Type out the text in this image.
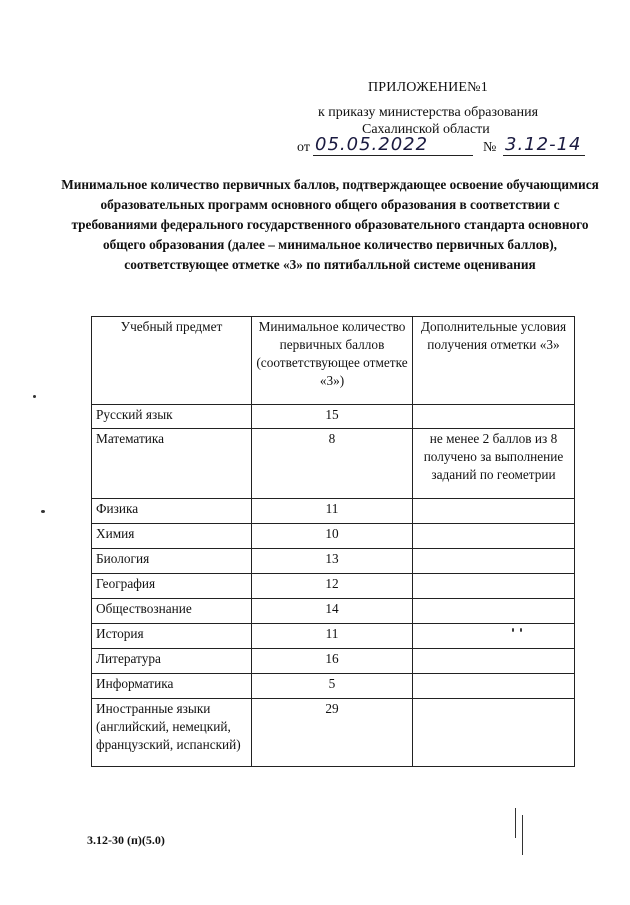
ПРИЛОЖЕНИЕ№1
к приказу министерства образования
Сахалинской области
от 05.05.2022	№ 3.12-14
Минимальное количество первичных баллов, подтверждающее освоение обучающимися образовательных программ основного общего образования в соответствии с требованиями федерального государственного образовательного стандарта основного общего образования (далее – минимальное количество первичных баллов), соответствующее отметке «3» по пятибалльной системе оценивания
Учебный предмет	Минимальное количество первичных баллов (соответствующее отметке «3»)	Дополнительные условия получения отметки «3»
Русский язык	15	
Математика	8	не менее 2 баллов из 8 получено за выполнение заданий по геометрии
Физика	11	
Химия	10	
Биология	13	
География	12	
Обществознание	14	
История	11	
Литература	16	
Информатика	5	
Иностранные языки (английский, немецкий, французский, испанский)	29	
3.12-30 (п)(5.0)
